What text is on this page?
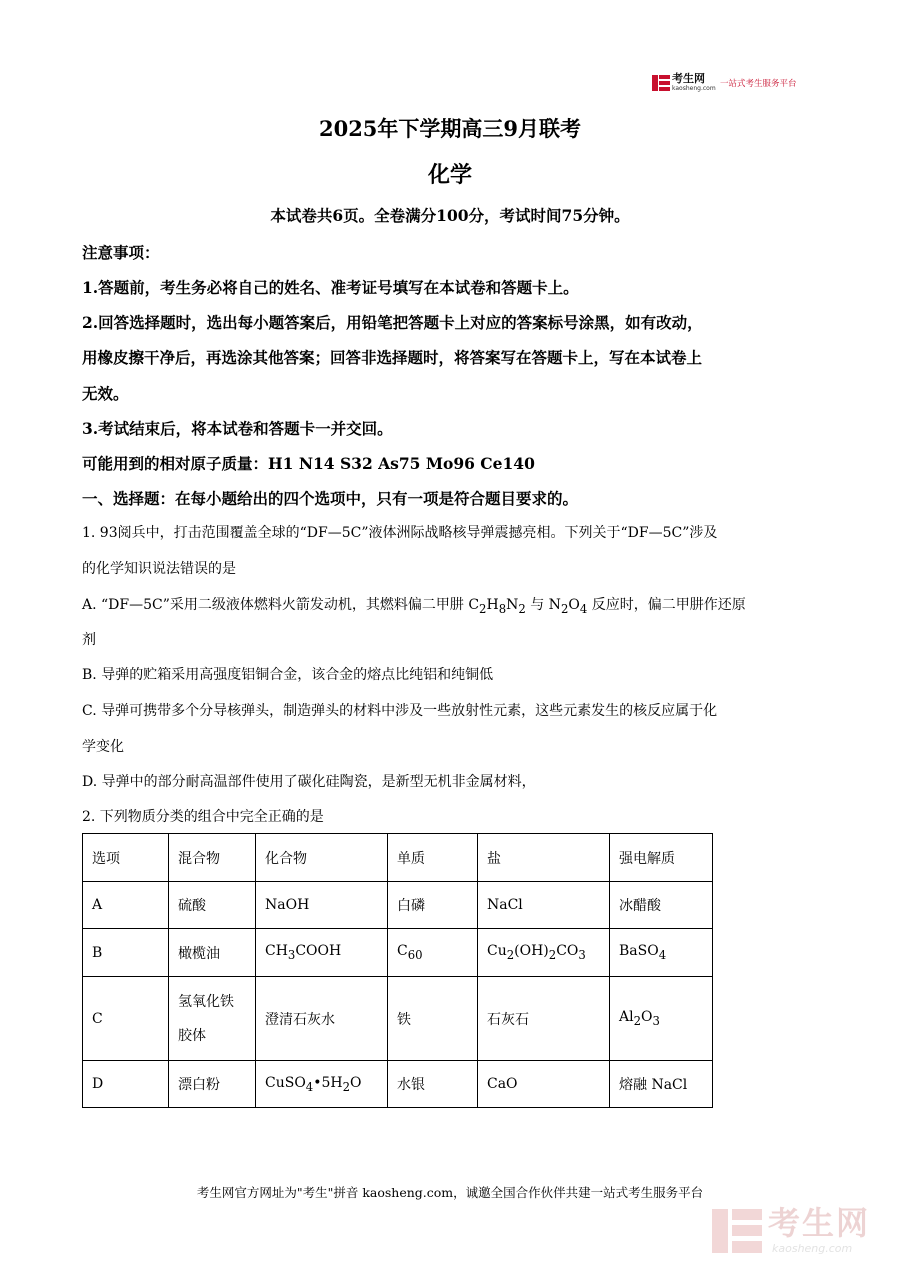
考生网
kaosheng.com 一站式考生服务平台
2025年下学期高三9月联考
化学
本试卷共6页。全卷满分100分，考试时间75分钟。
注意事项：
1.答题前，考生务必将自己的姓名、准考证号填写在本试卷和答题卡上。
2.回答选择题时，选出每小题答案后，用铅笔把答题卡上对应的答案标号涂黑，如有改动，
用橡皮擦干净后，再选涂其他答案；回答非选择题时，将答案写在答题卡上，写在本试卷上
无效。
3.考试结束后，将本试卷和答题卡一并交回。
可能用到的相对原子质量：H1 N14 S32 As75 Mo96 Ce140
一、选择题：在每小题给出的四个选项中，只有一项是符合题目要求的。
1. 93阅兵中，打击范围覆盖全球的“DF—5C”液体洲际战略核导弹震撼亮相。下列关于“DF—5C”涉及
的化学知识说法错误的是
A. “DF—5C”采用二级液体燃料火箭发动机，其燃料偏二甲肼 $C_2H_8N_2$ 与 $N_2O_4$ 反应时，偏二甲肼作还原
剂
B. 导弹的贮箱采用高强度铝铜合金，该合金的熔点比纯铝和纯铜低
C. 导弹可携带多个分导核弹头，制造弹头的材料中涉及一些放射性元素，这些元素发生的核反应属于化
学变化
D. 导弹中的部分耐高温部件使用了碳化硅陶瓷，是新型无机非金属材料，
2. 下列物质分类的组合中完全正确的是
选项	混合物	化合物	单质	盐	强电解质
A	硫酸	NaOH	白磷	NaCl	冰醋酸
B	橄榄油	$CH_3COOH$	$C_{60}$	$Cu_2(OH)_2CO_3$	BaSO$_4$
C	氢氧化铁
胶体	澄清石灰水	铁	石灰石	$Al_2O_3$
D	漂白粉	$CuSO_4•5H_2O$	水银	CaO	熔融 NaCl
考生网官方网址为"考生"拼音 kaosheng.com，诚邀全国合作伙伴共建一站式考生服务平台
考生网
kaosheng.com
